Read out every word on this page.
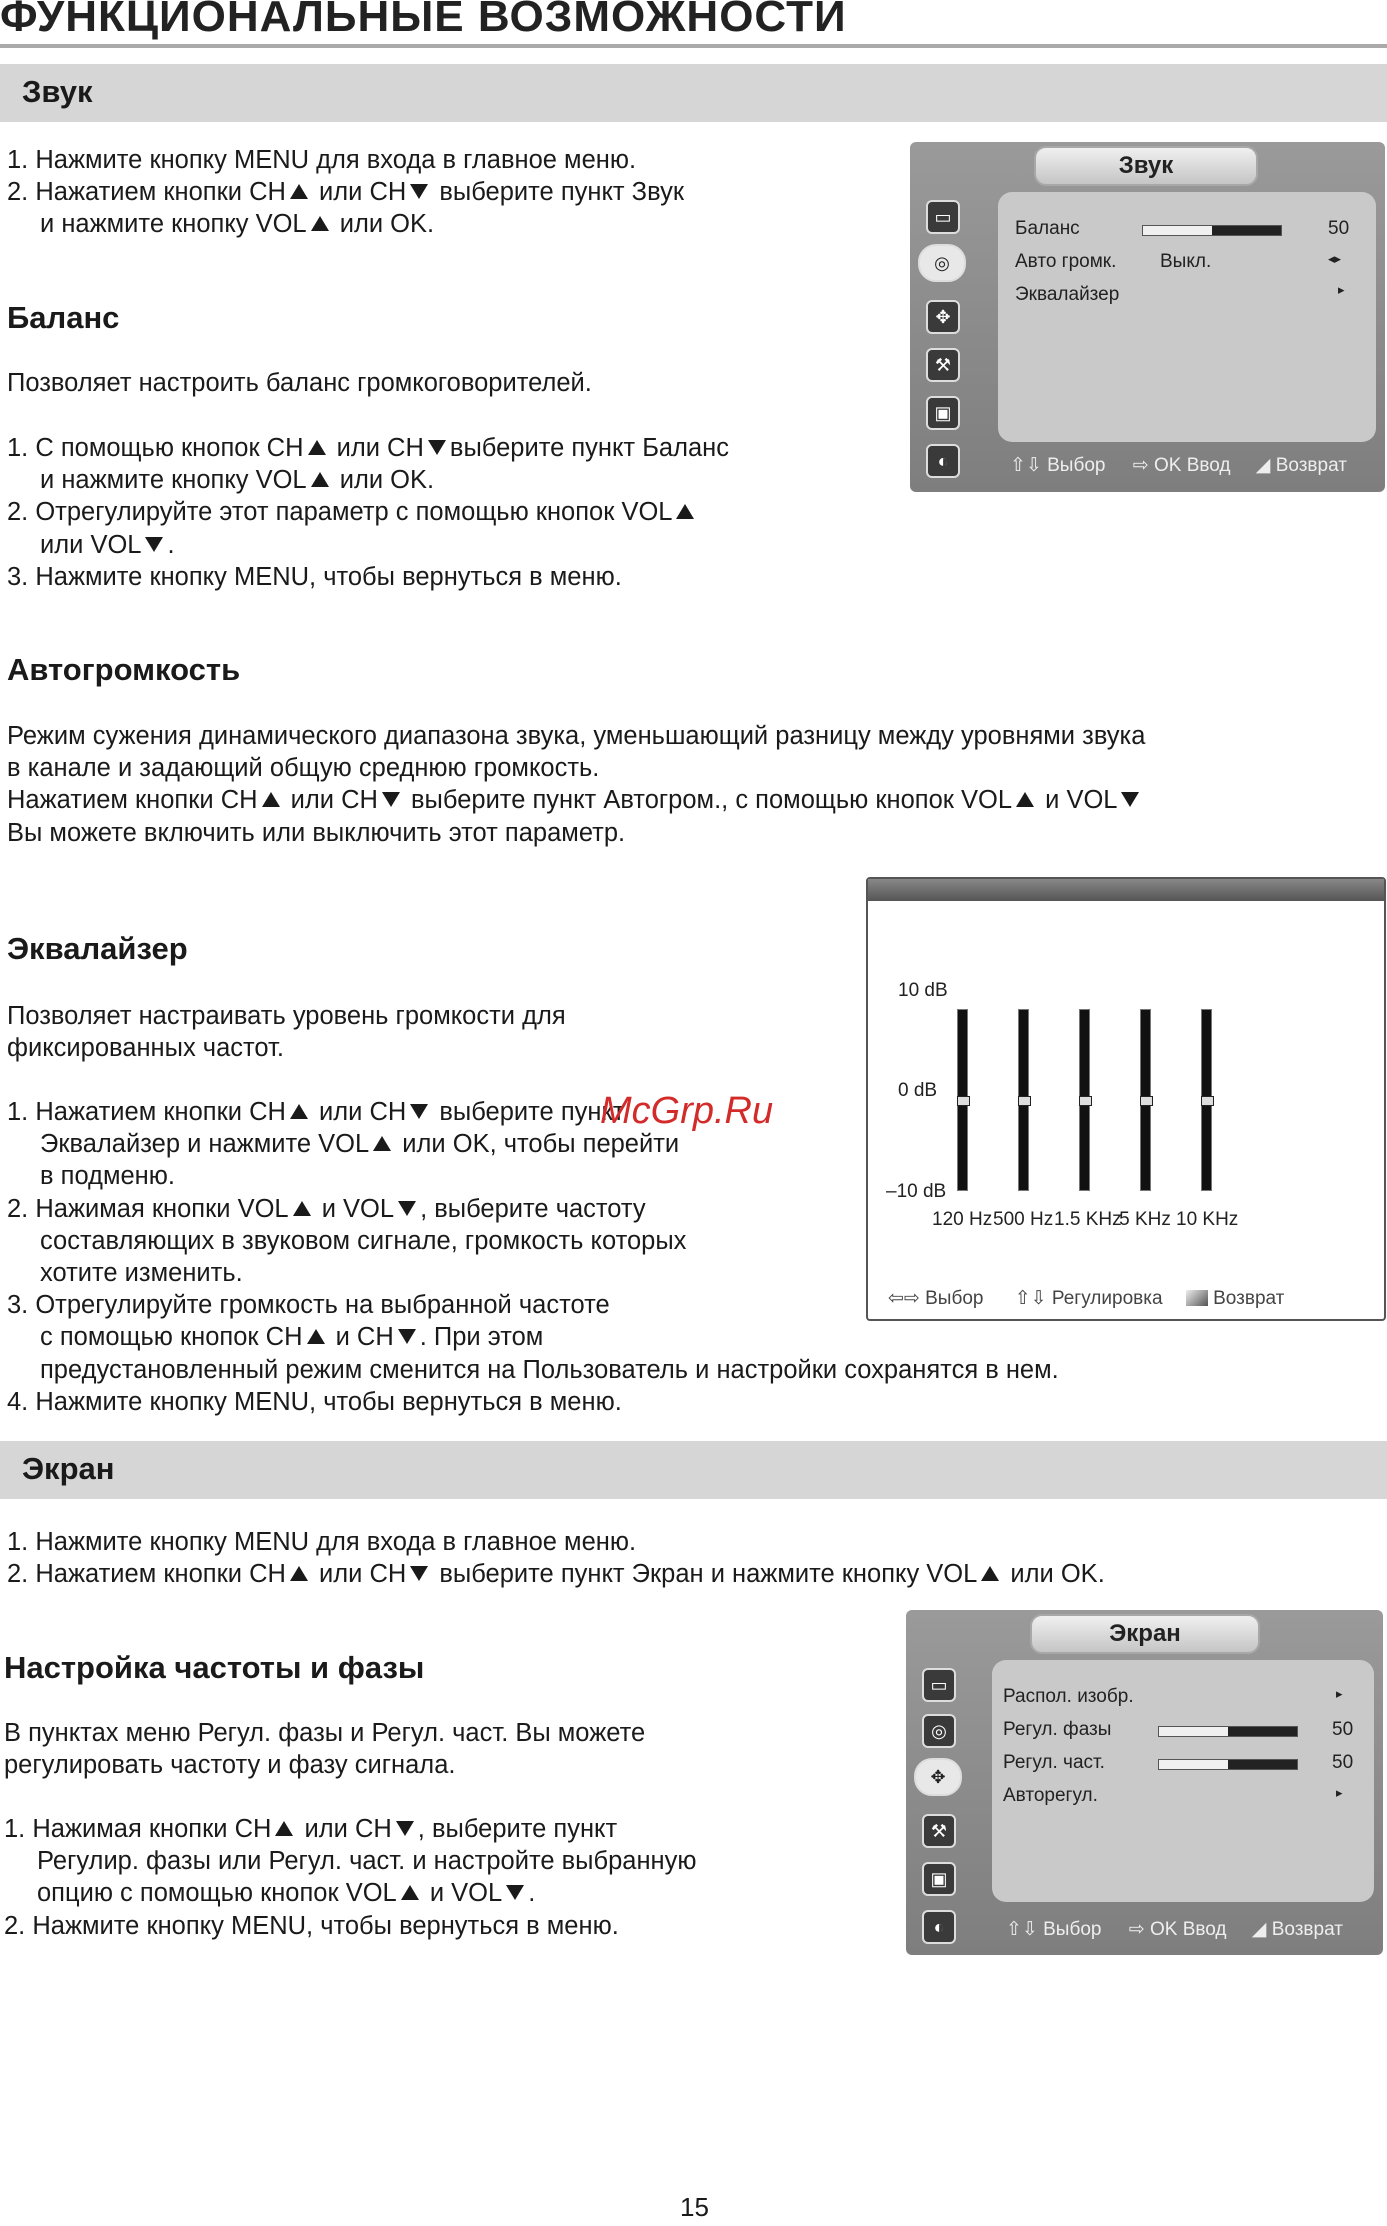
ФУНКЦИОНАЛЬНЫЕ ВОЗМОЖНОСТИ
Звук
1. Нажмите кнопку MENU для входа в главное меню.
2. Нажатием кнопки CH или CH выберите пункт Звук
и нажмите кнопку VOL или OK.
Баланс
Позволяет настроить баланс громкоговорителей.
1. С помощью кнопок CH или CH выберите пункт Баланс
и нажмите кнопку VOL или OK.
2. Отрегулируйте этот параметр с помощью кнопок VOL
или VOL .
3. Нажмите кнопку MENU, чтобы вернуться в меню.
Звук
▭
◎
✥
⚒
▣
◐
Баланс	50
Авто громк. Выкл.	◂▸
Эквалайзер	▸
⇧⇩ Выбор ⇨ OK Ввод ◢ Возврат
Автогромкость
Режим сужения динамического диапазона звука, уменьшающий разницу между уровнями звука
в канале и задающий общую среднюю громкость.
Нажатием кнопки CH или CH выберите пункт Автогром., с помощью кнопок VOL и VOL
Вы можете включить или выключить этот параметр.
Эквалайзер
Позволяет настраивать уровень громкости для
фиксированных частот.
1. Нажатием кнопки CH или CH выберите пункт
Эквалайзер и нажмите VOL или OK, чтобы перейти
в подменю.
2. Нажимая кнопки VOL и VOL , выберите частоту
составляющих в звуковом сигнале, громкость которых
хотите изменить.
3. Отрегулируйте громкость на выбранной частоте
с помощью кнопок CH и CH . При этом
предустановленный режим сменится на Пользователь и настройки сохранятся в нем.
4. Нажмите кнопку MENU, чтобы вернуться в меню.
McGrp.Ru
10 dB
0 dB
–10 dB
120 Hz 500 Hz 1.5 KHz
5 KHz 10 KHz
⇦⇨ Выбор ⇧⇩ Регулировка	Возврат
Экран
1. Нажмите кнопку MENU для входа в главное меню.
2. Нажатием кнопки CH или CH выберите пункт Экран и нажмите кнопку VOL или OK.
Настройка частоты и фазы
В пунктах меню Регул. фазы и Регул. част. Вы можете
регулировать частоту и фазу сигнала.
1. Нажимая кнопки CH или CH , выберите пункт
Регулир. фазы или Регул. част. и настройте выбранную
опцию с помощью кнопок VOL и VOL .
2. Нажмите кнопку MENU, чтобы вернуться в меню.
Экран
▭
◎
✥
⚒
▣
◐
Распол. изобр.	▸
Регул. фазы	50
Регул. част.	50
Авторегул.	▸
⇧⇩ Выбор ⇨ OK Ввод ◢ Возврат
15
